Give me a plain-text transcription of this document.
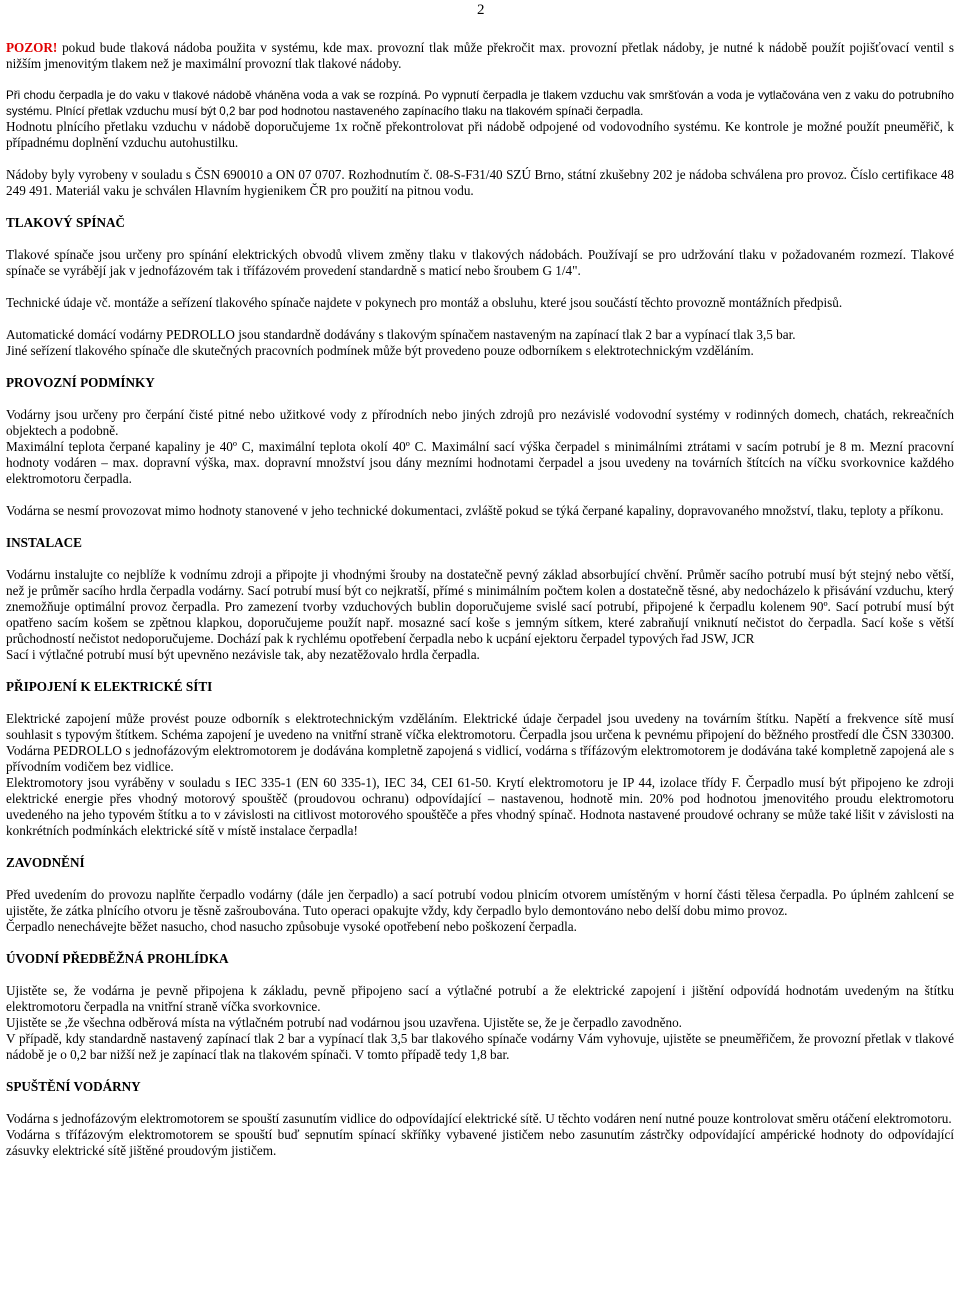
2

POZOR! pokud bude tlaková nádoba použita v systému, kde max. provozní tlak může překročit max. provozní přetlak nádoby, je nutné k nádobě použít pojišťovací ventil s nižším jmenovitým tlakem než je maximální provozní tlak tlakové nádoby.

Při chodu čerpadla je do vaku v tlakové nádobě vháněna voda a vak se rozpíná. Po vypnutí čerpadla je tlakem vzduchu vak smršťován a voda je vytlačována ven z vaku do potrubního systému. Plnící přetlak vzduchu musí být 0,2 bar pod hodnotou nastaveného zapínacího tlaku na tlakovém spínači čerpadla.

Hodnotu plnícího přetlaku vzduchu v nádobě doporučujeme 1x ročně překontrolovat při nádobě odpojené od vodovodního systému. Ke kontrole je možné použít pneuměřič, k případnému doplnění vzduchu autohustilku.

Nádoby byly vyrobeny v souladu s ČSN 690010 a ON 07 0707. Rozhodnutím č. 08-S-F31/40 SZÚ Brno, státní zkušebny 202 je nádoba schválena pro provoz. Číslo certifikace 48 249 491. Materiál vaku je schválen Hlavním hygienikem ČR pro použití na pitnou vodu.

TLAKOVÝ SPÍNAČ

Tlakové spínače jsou určeny pro spínání elektrických obvodů vlivem změny tlaku v tlakových nádobách. Používají se pro udržování tlaku v požadovaném rozmezí. Tlakové spínače se vyrábějí jak v jednofázovém tak i třífázovém provedení standardně s maticí nebo šroubem G 1/4".

Technické údaje vč. montáže a seřízení tlakového spínače najdete v pokynech pro montáž a obsluhu, které jsou součástí těchto provozně montážních předpisů.

Automatické domácí vodárny PEDROLLO jsou standardně dodávány s tlakovým spínačem nastaveným na zapínací tlak 2 bar a vypínací tlak 3,5 bar.

Jiné seřízení tlakového spínače dle skutečných pracovních podmínek může být provedeno pouze odborníkem s elektrotechnickým vzděláním.

PROVOZNÍ PODMÍNKY

Vodárny jsou určeny pro čerpání čisté pitné nebo užitkové vody z přírodních nebo jiných zdrojů pro nezávislé vodovodní systémy v rodinných domech, chatách, rekreačních objektech a podobně.

Maximální teplota čerpané kapaliny je 40º C, maximální teplota okolí 40º C. Maximální sací výška čerpadel s minimálními ztrátami v sacím potrubí je 8 m. Mezní pracovní hodnoty vodáren – max. dopravní výška, max. dopravní množství jsou dány mezními hodnotami čerpadel a jsou uvedeny na továrních štítcích na víčku svorkovnice každého elektromotoru čerpadla.

Vodárna se nesmí provozovat mimo hodnoty stanovené v jeho technické dokumentaci, zvláště pokud se týká čerpané kapaliny, dopravovaného množství, tlaku, teploty a příkonu.

INSTALACE

Vodárnu instalujte co nejblíže k vodnímu zdroji a připojte ji vhodnými šrouby na dostatečně pevný základ absorbující chvění. Průměr sacího potrubí musí být stejný nebo větší, než je průměr sacího hrdla čerpadla vodárny. Sací potrubí musí být co nejkratší, přímé s minimálním počtem kolen a dostatečně těsné, aby nedocházelo k přisávání vzduchu, který znemožňuje optimální provoz čerpadla. Pro zamezení tvorby vzduchových bublin doporučujeme svislé sací potrubí, připojené k čerpadlu kolenem 90º. Sací potrubí musí být opatřeno sacím košem se zpětnou klapkou, doporučujeme použít např. mosazné sací koše s jemným sítkem, které zabraňují vniknutí nečistot do čerpadla. Sací koše s větší průchodností nečistot nedoporučujeme. Dochází pak k rychlému opotřebení čerpadla nebo k ucpání ejektoru čerpadel typových řad JSW, JCR

Sací i výtlačné potrubí musí být upevněno nezávisle tak, aby nezatěžovalo hrdla čerpadla.

PŘIPOJENÍ K ELEKTRICKÉ SÍTI

Elektrické zapojení může provést pouze odborník s elektrotechnickým vzděláním. Elektrické údaje čerpadel jsou uvedeny na továrním štítku. Napětí a frekvence sítě musí souhlasit s typovým štítkem. Schéma zapojení je uvedeno na vnitřní straně víčka elektromotoru. Čerpadla jsou určena k pevnému připojení do běžného prostředí dle ČSN 330300. Vodárna PEDROLLO s jednofázovým elektromotorem je dodávána kompletně zapojená s vidlicí, vodárna s třífázovým elektromotorem je dodávána také kompletně zapojená ale s přívodním vodičem bez vidlice.

Elektromotory jsou vyráběny v souladu s IEC 335-1 (EN 60 335-1), IEC 34, CEI 61-50. Krytí elektromotoru je IP 44, izolace třídy F. Čerpadlo musí být připojeno ke zdroji elektrické energie přes vhodný motorový spouštěč (proudovou ochranu) odpovídající – nastavenou, hodnotě min. 20% pod hodnotou jmenovitého proudu elektromotoru uvedeného na jeho typovém štítku a to v závislosti na citlivost motorového spouštěče a přes vhodný spínač. Hodnota nastavené proudové ochrany se může také lišit v závislosti na konkrétních podmínkách elektrické sítě v místě instalace čerpadla!

ZAVODNĚNÍ

Před uvedením do provozu naplňte čerpadlo vodárny (dále jen čerpadlo) a sací potrubí vodou plnicím otvorem umístěným v horní části tělesa čerpadla. Po úplném zahlcení se ujistěte, že zátka plnícího otvoru je těsně zašroubována. Tuto operaci opakujte vždy, kdy čerpadlo bylo demontováno nebo delší dobu mimo provoz.

Čerpadlo nenechávejte běžet nasucho, chod nasucho způsobuje vysoké opotřebení nebo poškození čerpadla.

ÚVODNÍ PŘEDBĚŽNÁ PROHLÍDKA

Ujistěte se, že vodárna je pevně připojena k základu, pevně připojeno sací a výtlačné potrubí a že elektrické zapojení i jištění odpovídá hodnotám uvedeným na štítku elektromotoru čerpadla na vnitřní straně víčka svorkovnice.

Ujistěte se ,že všechna odběrová místa na výtlačném potrubí nad vodárnou jsou uzavřena. Ujistěte se, že je čerpadlo zavodněno.

V případě, kdy standardně nastavený zapínací tlak 2 bar a vypínací tlak 3,5 bar tlakového spínače vodárny Vám vyhovuje, ujistěte se pneuměřičem, že provozní přetlak v tlakové nádobě je o 0,2 bar nižší než je zapínací tlak na tlakovém spínači. V tomto případě tedy 1,8 bar.

SPUŠTĚNÍ VODÁRNY

Vodárna s jednofázovým elektromotorem se spouští zasunutím vidlice do odpovídající elektrické sítě. U těchto vodáren není nutné pouze kontrolovat směru otáčení elektromotoru.

Vodárna s třífázovým elektromotorem se spouští buď sepnutím spínací skříňky vybavené jističem nebo zasunutím zástrčky odpovídající ampérické hodnoty do odpovídající zásuvky elektrické sítě jištěné proudovým jističem.
